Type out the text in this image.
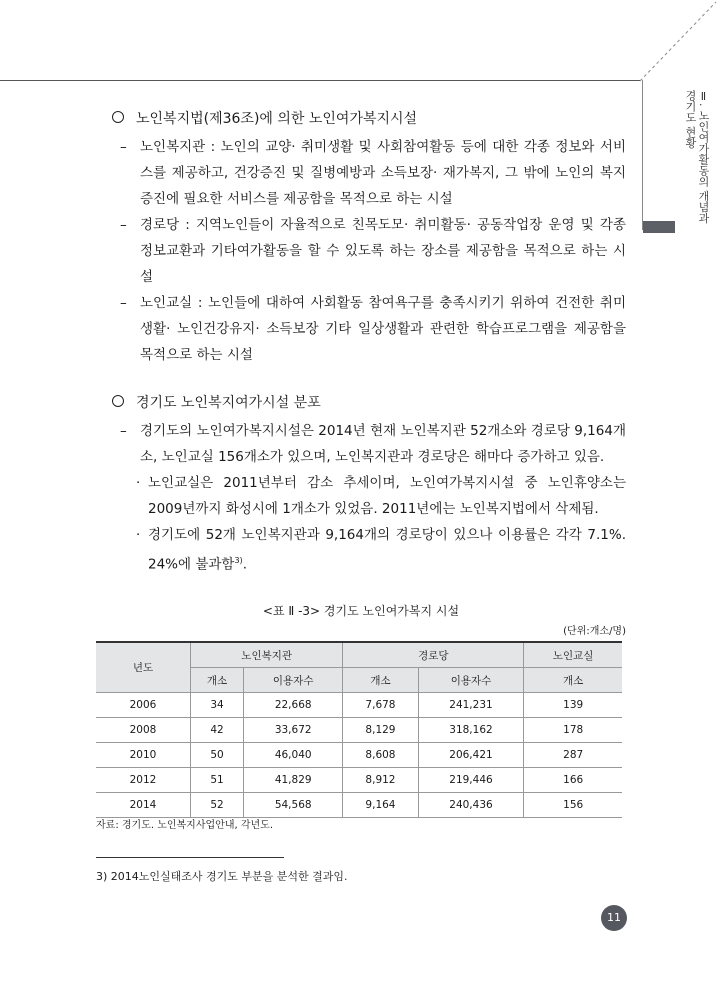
Ⅱ. 노인여가활동의 개념과 경기도 현황
노인복지법(제36조)에 의한 노인여가복지시설
– 노인복지관 : 노인의 교양· 취미생활 및 사회참여활동 등에 대한 각종 정보와 서비스를 제공하고, 건강증진 및 질병예방과 소득보장· 재가복지, 그 밖에 노인의 복지증진에 필요한 서비스를 제공함을 목적으로 하는 시설
– 경로당 : 지역노인들이 자율적으로 친목도모· 취미활동· 공동작업장 운영 및 각종 정보교환과 기타여가활동을 할 수 있도록 하는 장소를 제공함을 목적으로 하는 시설
– 노인교실 : 노인들에 대하여 사회활동 참여욕구를 충족시키기 위하여 건전한 취미생활· 노인건강유지· 소득보장 기타 일상생활과 관련한 학습프로그램을 제공함을 목적으로 하는 시설
경기도 노인복지여가시설 분포
– 경기도의 노인여가복지시설은 2014년 현재 노인복지관 52개소와 경로당 9,164개소, 노인교실 156개소가 있으며, 노인복지관과 경로당은 해마다 증가하고 있음.
· 노인교실은 2011년부터 감소 추세이며, 노인여가복지시설 중 노인휴양소는 2009년까지 화성시에 1개소가 있었음. 2011년에는 노인복지법에서 삭제됨.
· 경기도에 52개 노인복지관과 9,164개의 경로당이 있으나 이용률은 각각 7.1%. 24%에 불과함$^{3)}$.
<표 Ⅱ -3> 경기도 노인여가복지 시설
(단위:개소/명)
년도	노인복지관		경로당		노인교실
	개소	이용자수	개소	이용자수	개소
2006	34	22,668	7,678	241,231	139
2008	42	33,672	8,129	318,162	178
2010	50	46,040	8,608	206,421	287
2012	51	41,829	8,912	219,446	166
2014	52	54,568	9,164	240,436	156
자료: 경기도. 노인복지사업안내, 각년도.
3) 2014노인실태조사 경기도 부분을 분석한 결과임.
11
